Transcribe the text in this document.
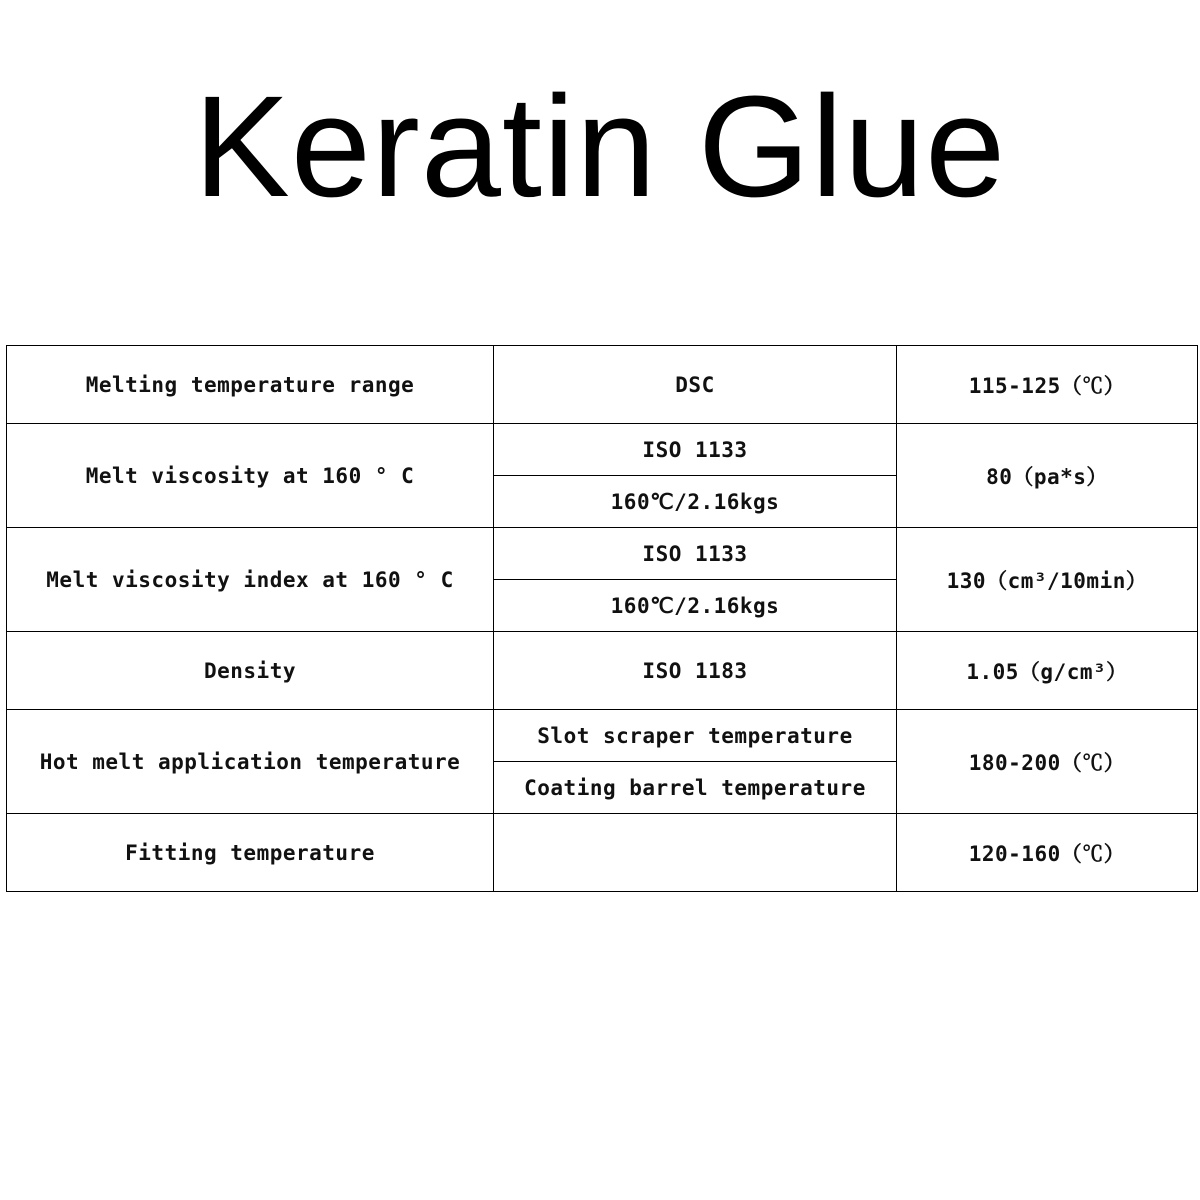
Keratin Glue
Melting temperature range	DSC	115-125（℃）
Melt viscosity at 160 ° C	ISO 1133	80（pa*s）
	160℃/2.16kgs	
Melt viscosity index at 160 ° C	ISO 1133	130（cm³/10min）
	160℃/2.16kgs	
Density	ISO 1183	1.05（g/cm³）
Hot melt application temperature	Slot scraper temperature	180-200（℃）
	Coating barrel temperature	
Fitting temperature		120-160（℃）
